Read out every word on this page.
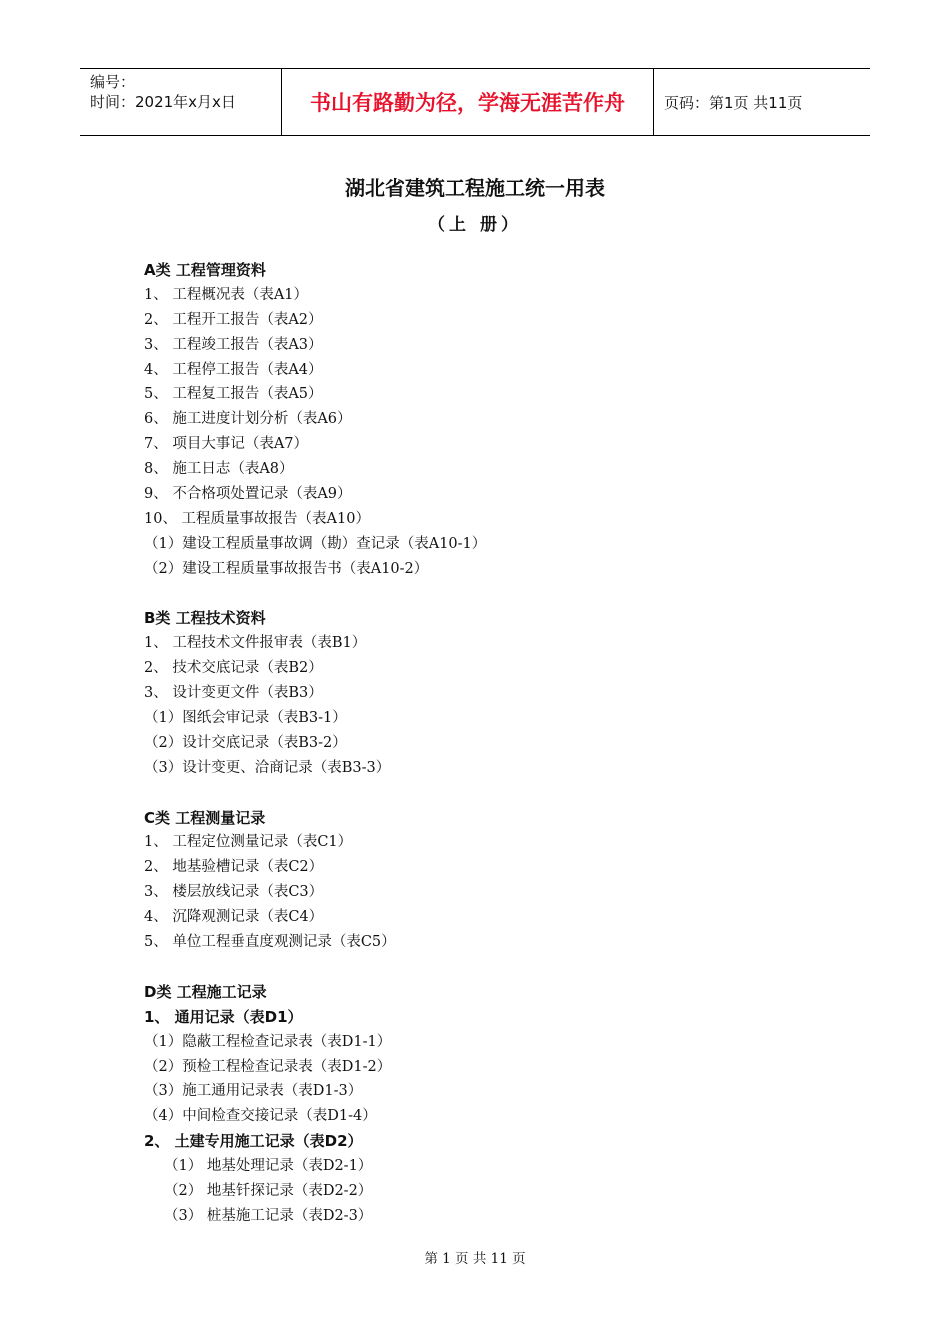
编号：
时间：2021年x月x日	书山有路勤为径，学海无涯苦作舟	页码：第1页 共11页
湖北省建筑工程施工统一用表
（上 册）
A类 工程管理资料
1、 工程概况表（表A1）
2、 工程开工报告（表A2）
3、 工程竣工报告（表A3）
4、 工程停工报告（表A4）
5、 工程复工报告（表A5）
6、 施工进度计划分析（表A6）
7、 项目大事记（表A7）
8、 施工日志（表A8）
9、 不合格项处置记录（表A9）
10、 工程质量事故报告（表A10）
（1）建设工程质量事故调（勘）查记录（表A10-1）
（2）建设工程质量事故报告书（表A10-2）
B类 工程技术资料
1、 工程技术文件报审表（表B1）
2、 技术交底记录（表B2）
3、 设计变更文件（表B3）
（1）图纸会审记录（表B3-1）
（2）设计交底记录（表B3-2）
（3）设计变更、洽商记录（表B3-3）
C类 工程测量记录
1、 工程定位测量记录（表C1）
2、 地基验槽记录（表C2）
3、 楼层放线记录（表C3）
4、 沉降观测记录（表C4）
5、 单位工程垂直度观测记录（表C5）
D类 工程施工记录
1、 通用记录（表D1）
（1）隐蔽工程检查记录表（表D1-1）
（2）预检工程检查记录表（表D1-2）
（3）施工通用记录表（表D1-3）
（4）中间检查交接记录（表D1-4）
2、 土建专用施工记录（表D2）
（1） 地基处理记录（表D2-1）
（2） 地基钎探记录（表D2-2）
（3） 桩基施工记录（表D2-3）
第 1 页 共 11 页
